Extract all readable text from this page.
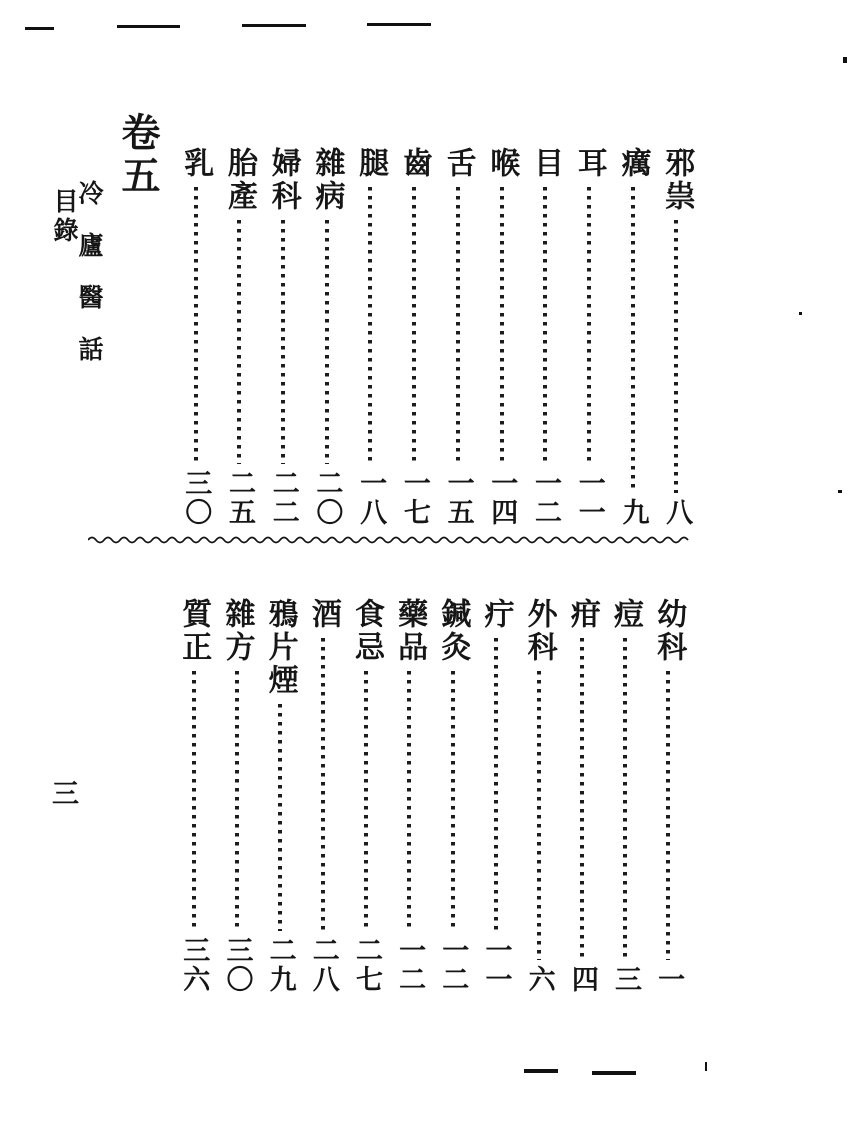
冷廬醫話
目錄
三
卷五	邪祟
八
癘
九
耳
一一
目
一二
喉
一四
舌
一五
齒
一七
腿
一八
雜病
二〇
婦科
二二
胎產
二五
乳
三〇
幼科
一
痘
三
疳
四
外科
六
疔
一一
鍼灸
一二
藥品
一二
食忌
二七
酒
二八
鴉片煙
二九
雜方
三〇
質正
三六
